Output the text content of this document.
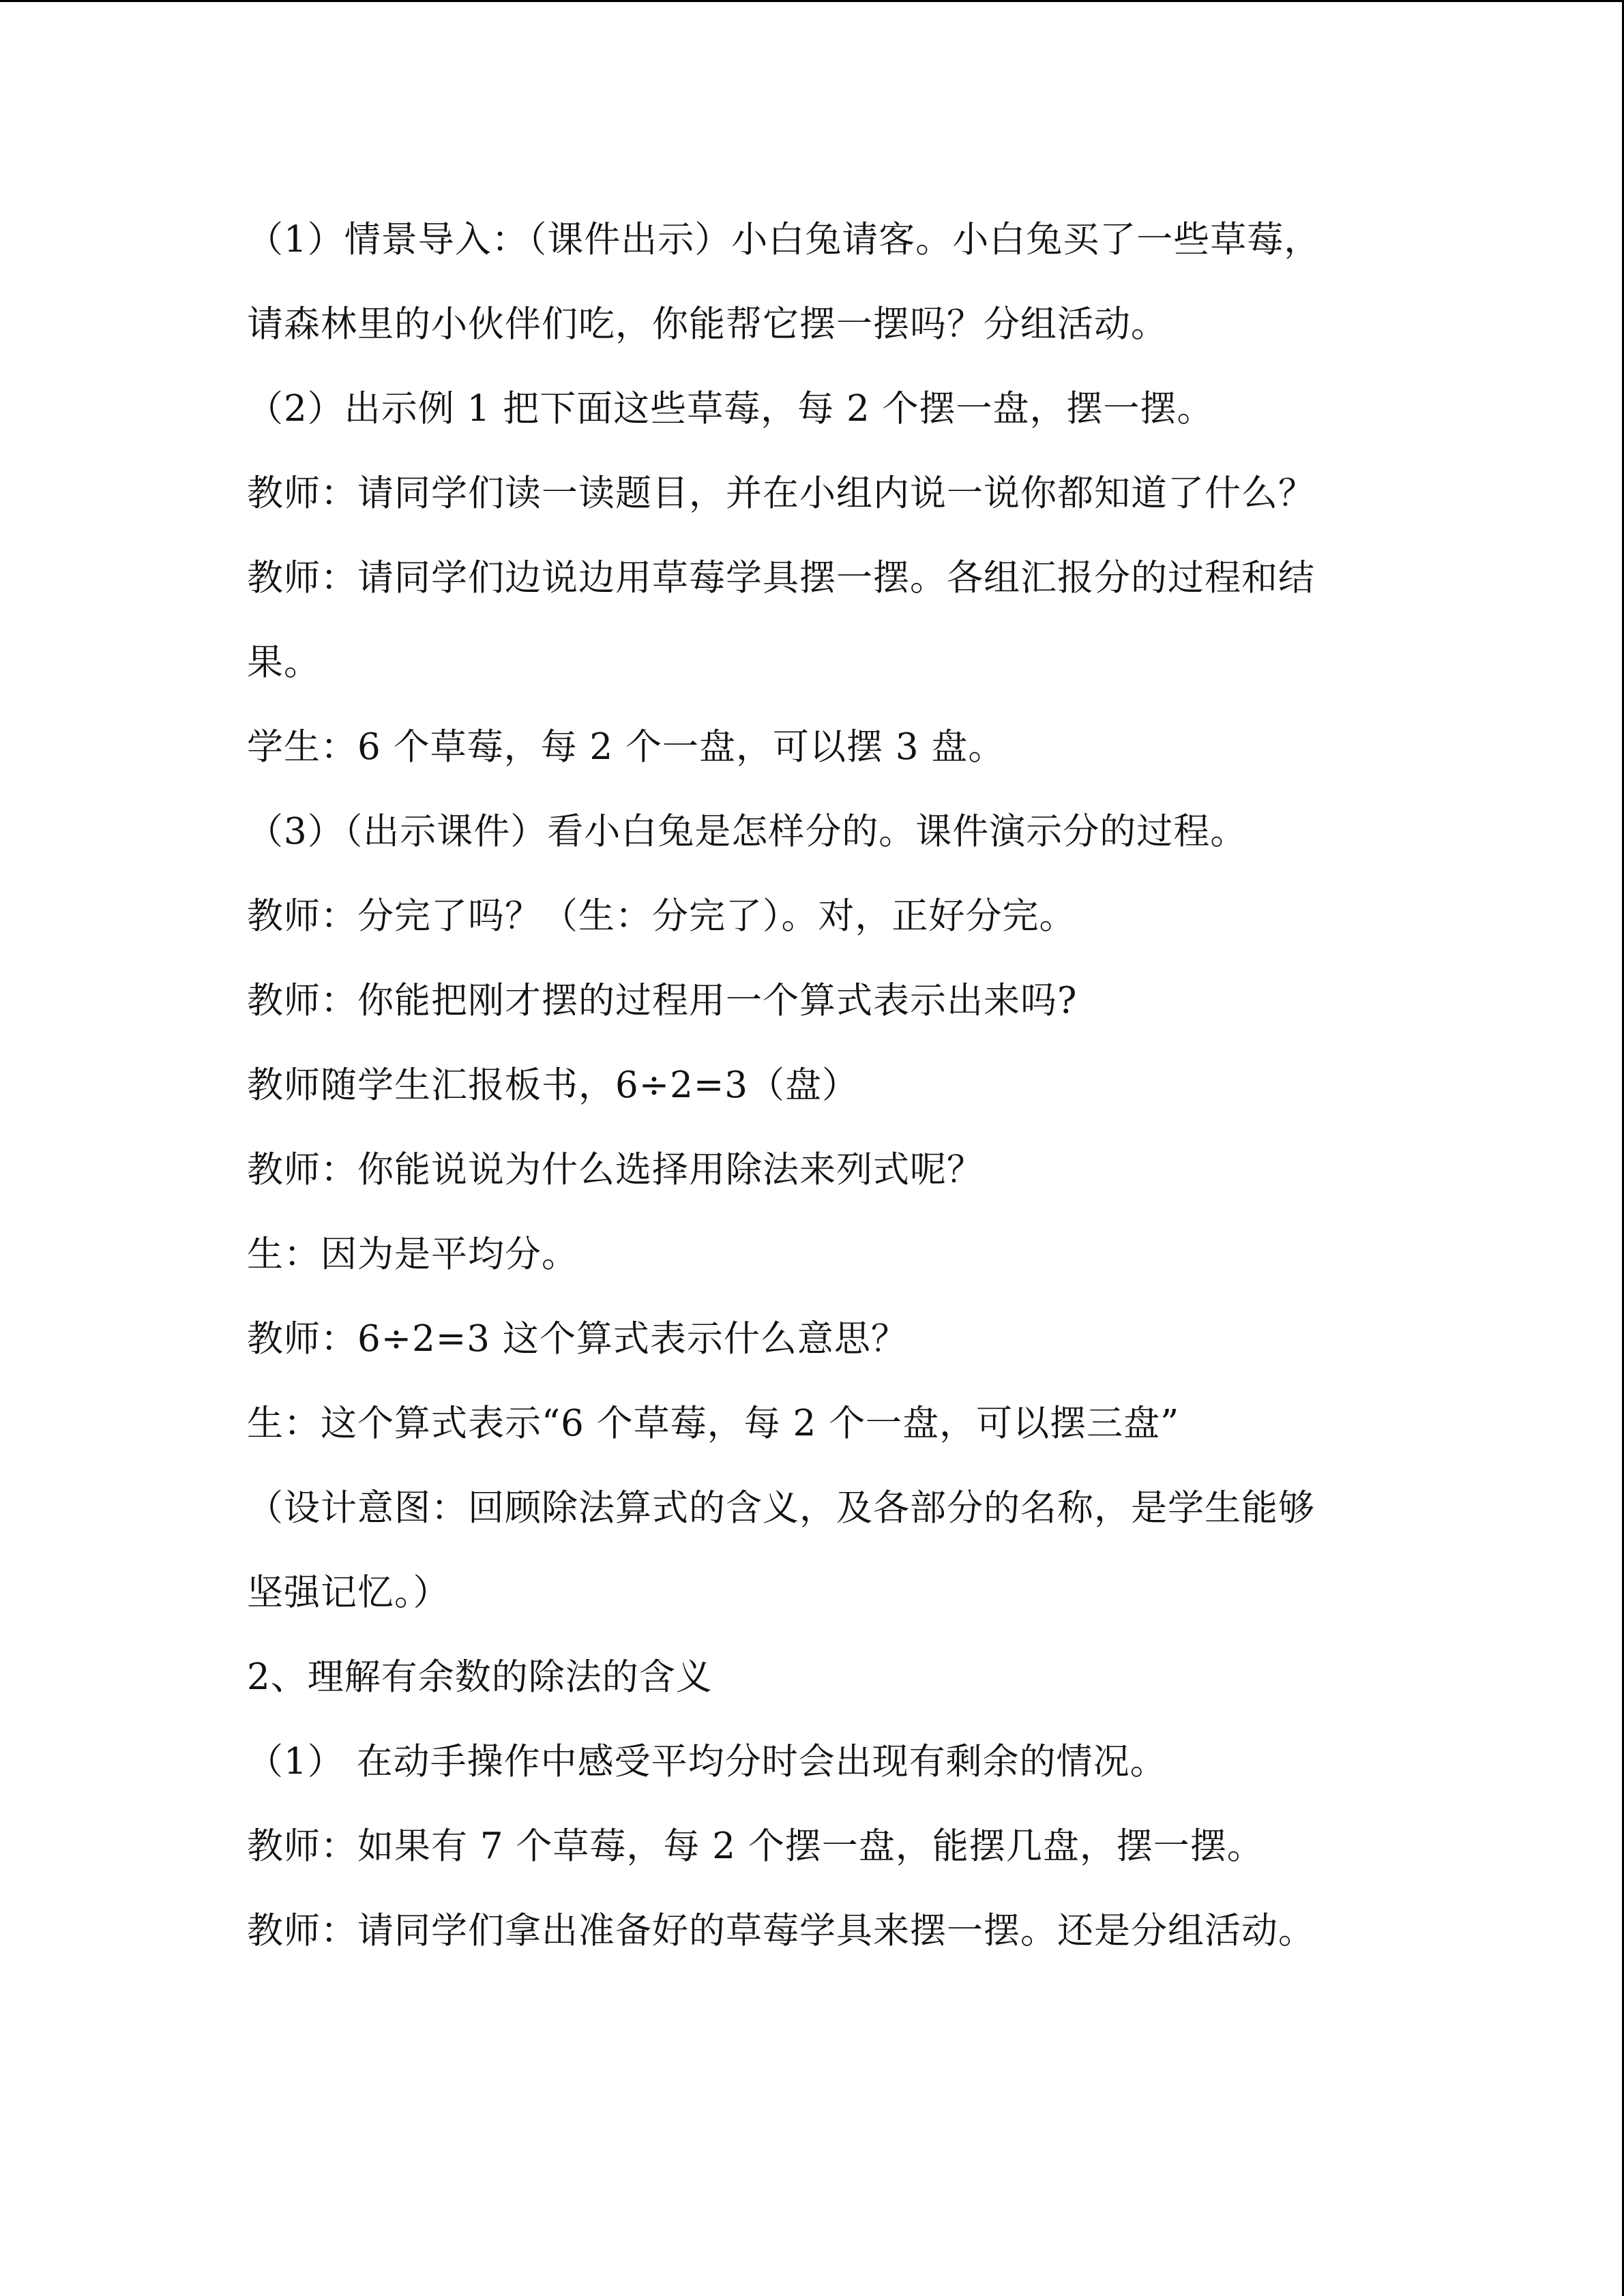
（1）情景导入：（课件出示）小白兔请客。小白兔买了一些草莓，
请森林里的小伙伴们吃，你能帮它摆一摆吗？分组活动。
（2）出示例 1 把下面这些草莓，每 2 个摆一盘，摆一摆。
教师：请同学们读一读题目，并在小组内说一说你都知道了什么？
教师：请同学们边说边用草莓学具摆一摆。各组汇报分的过程和结
果。
学生：6 个草莓，每 2 个一盘，可以摆 3 盘。
（3）（出示课件）看小白兔是怎样分的。课件演示分的过程。
教师：分完了吗？（生：分完了）。对，正好分完。
教师：你能把刚才摆的过程用一个算式表示出来吗?
教师随学生汇报板书，6÷2=3（盘）
教师：你能说说为什么选择用除法来列式呢？
生：因为是平均分。
教师：6÷2=3 这个算式表示什么意思？
生：这个算式表示“6 个草莓，每 2 个一盘，可以摆三盘”
（设计意图：回顾除法算式的含义，及各部分的名称，是学生能够
坚强记忆。）
2、理解有余数的除法的含义
（1） 在动手操作中感受平均分时会出现有剩余的情况。
教师：如果有 7 个草莓，每 2 个摆一盘，能摆几盘，摆一摆。
教师：请同学们拿出准备好的草莓学具来摆一摆。还是分组活动。
